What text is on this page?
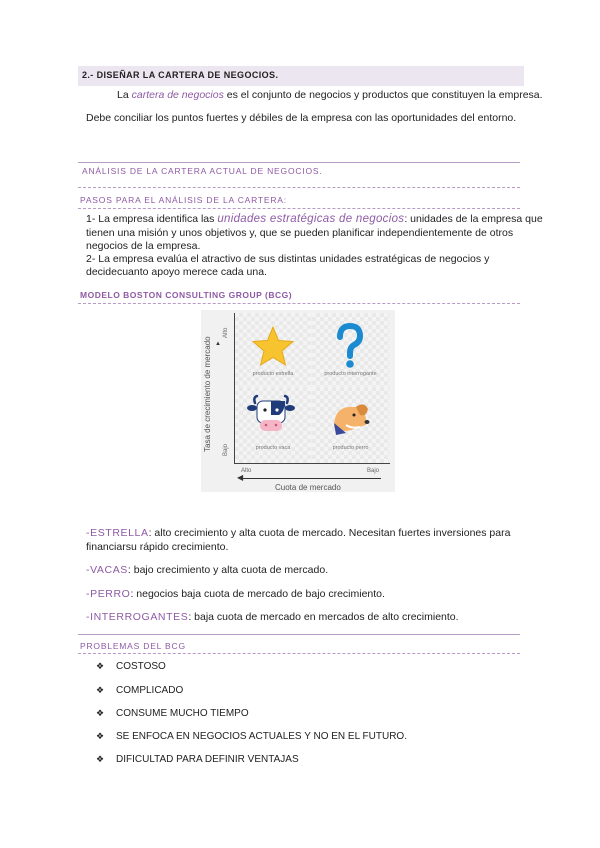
2.- DISEÑAR LA CARTERA DE NEGOCIOS.
La cartera de negocios es el conjunto de negocios y productos que constituyen la empresa.
Debe conciliar los puntos fuertes y débiles de la empresa con las oportunidades del entorno.
ANÁLISIS DE LA CARTERA ACTUAL DE NEGOCIOS.
PASOS PARA EL ANÁLISIS DE LA CARTERA:
1- La empresa identifica las unidades estratégicas de negocios: unidades de la empresa que
tienen una misión y unos objetivos y, que se pueden planificar independientemente de otros
negocios de la empresa.
2- La empresa evalúa el atractivo de sus distintas unidades estratégicas de negocios y
decidecuanto apoyo merece cada una.
MODELO BOSTON CONSULTING GROUP (BCG)
producto estrella	producto interrogante
producto vaca	producto perro
▲
Alto
Bajo
Tasa de crecimiento de mercado
Alto	Bajo
◀
Cuota de mercado
-ESTRELLA: alto crecimiento y alta cuota de mercado. Necesitan fuertes inversiones para
financiarsu rápido crecimiento.
-VACAS: bajo crecimiento y alta cuota de mercado.
-PERRO: negocios baja cuota de mercado de bajo crecimiento.
-INTERROGANTES: baja cuota de mercado en mercados de alto crecimiento.
PROBLEMAS DEL BCG
❖ COSTOSO
❖ COMPLICADO
❖ CONSUME MUCHO TIEMPO
❖ SE ENFOCA EN NEGOCIOS ACTUALES Y NO EN EL FUTURO.
❖ DIFICULTAD PARA DEFINIR VENTAJAS
